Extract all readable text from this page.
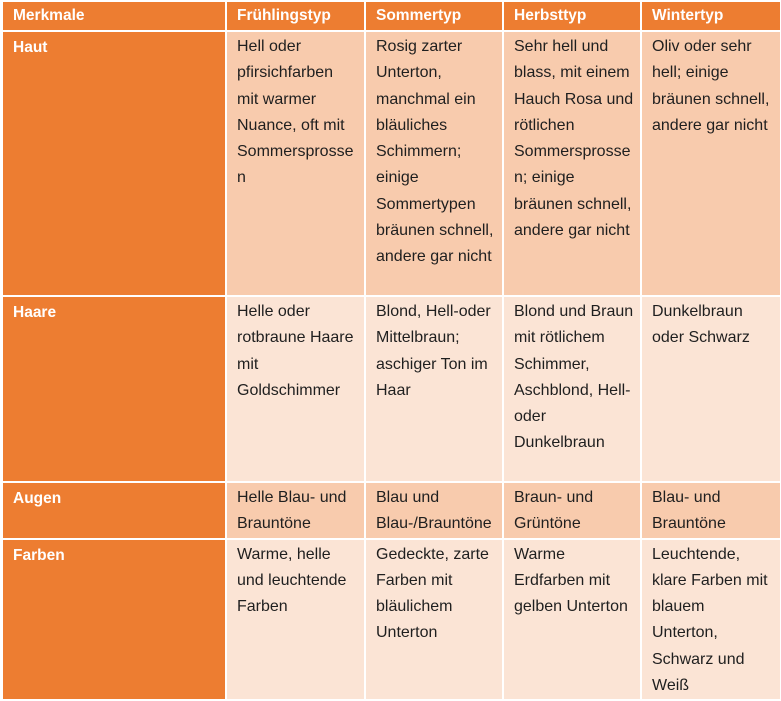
Merkmale	Frühlingstyp	Sommertyp	Herbsttyp	Wintertyp
Haut	Hell oder pfirsichfarben mit warmer Nuance, oft mit Sommersprossen	Rosig zarter Unterton, manchmal ein bläuliches Schimmern; einige Sommertypen bräunen schnell, andere gar nicht	Sehr hell und blass, mit einem Hauch Rosa und rötlichen Sommersprossen; einige bräunen schnell, andere gar nicht	Oliv oder sehr hell; einige bräunen schnell, andere gar nicht
Haare	Helle oder rotbraune Haare mit Goldschimmer	Blond, Hell-oder Mittelbraun; aschiger Ton im Haar	Blond und Braun mit rötlichem Schimmer, Aschblond, Hell- oder Dunkelbraun	Dunkelbraun oder Schwarz
Augen	Helle Blau- und Brauntöne	Blau und Blau-/Brauntöne	Braun- und Grüntöne	Blau- und Brauntöne
Farben	Warme, helle und leuchtende Farben	Gedeckte, zarte Farben mit bläulichem Unterton	Warme Erdfarben mit gelben Unterton	Leuchtende, klare Farben mit blauem Unterton, Schwarz und Weiß
